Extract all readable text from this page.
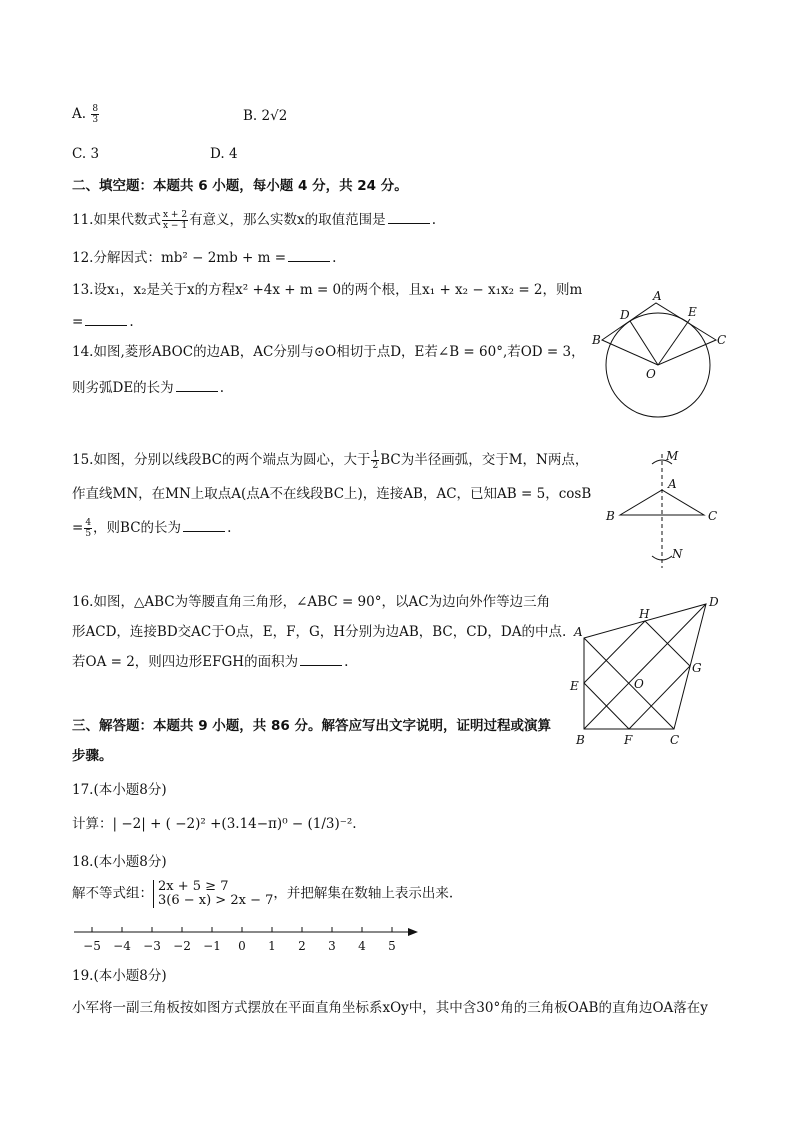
A. $\frac{8}{3}$	B. 2√2
C. 3	D. 4
二、填空题：本题共 6 小题，每小题 4 分，共 24 分。
11.如果代数式 $\frac{x + 2}{x - 1}$ 有意义，那么实数x的取值范围是	.
12.分解因式：mb² − 2mb + m =	.
13.设x₁，x₂是关于x的方程x² +4x + m = 0的两个根，且x₁ + x₂ − x₁x₂ = 2，则m
=	.
14.如图,菱形ABOC的边AB，AC分别与⊙O相切于点D，E若∠B = 60°,若OD = 3，
则劣弧DE的长为	.
A
B	C
D	E
O
15.如图，分别以线段BC的两个端点为圆心，大于 $\frac{1}{2}$ BC为半径画弧，交于M，N两点，
作直线MN，在MN上取点A(点A不在线段BC上)，连接AB，AC，已知AB = 5，cosB
= $\frac{4}{5}$ ，则BC的长为	.
M
A
B	C
N
16.如图，△ABC为等腰直角三角形，∠ABC = 90°，以AC为边向外作等边三角
形ACD，连接BD交AC于O点，E，F，G，H分别为边AB，BC，CD，DA的中点.
若OA = 2，则四边形EFGH的面积为	.
A
B	C
D
E
F
G
H
O
三、解答题：本题共 9 小题，共 86 分。解答应写出文字说明，证明过程或演算
步骤。
17.(本小题8分)
计算：| −2| + ( −2)² +(3.14−π)⁰ − (1/3)⁻².
18.(本小题8分)
解不等式组： 2x + 5 ≥ 7
3(6 − x) > 2x − 7，并把解集在数轴上表示出来.
−5 −4 −3 −2 −1 0 1 2 3 4 5
19.(本小题8分)
小军将一副三角板按如图方式摆放在平面直角坐标系xOy中，其中含30°角的三角板OAB的直角边OA落在y
